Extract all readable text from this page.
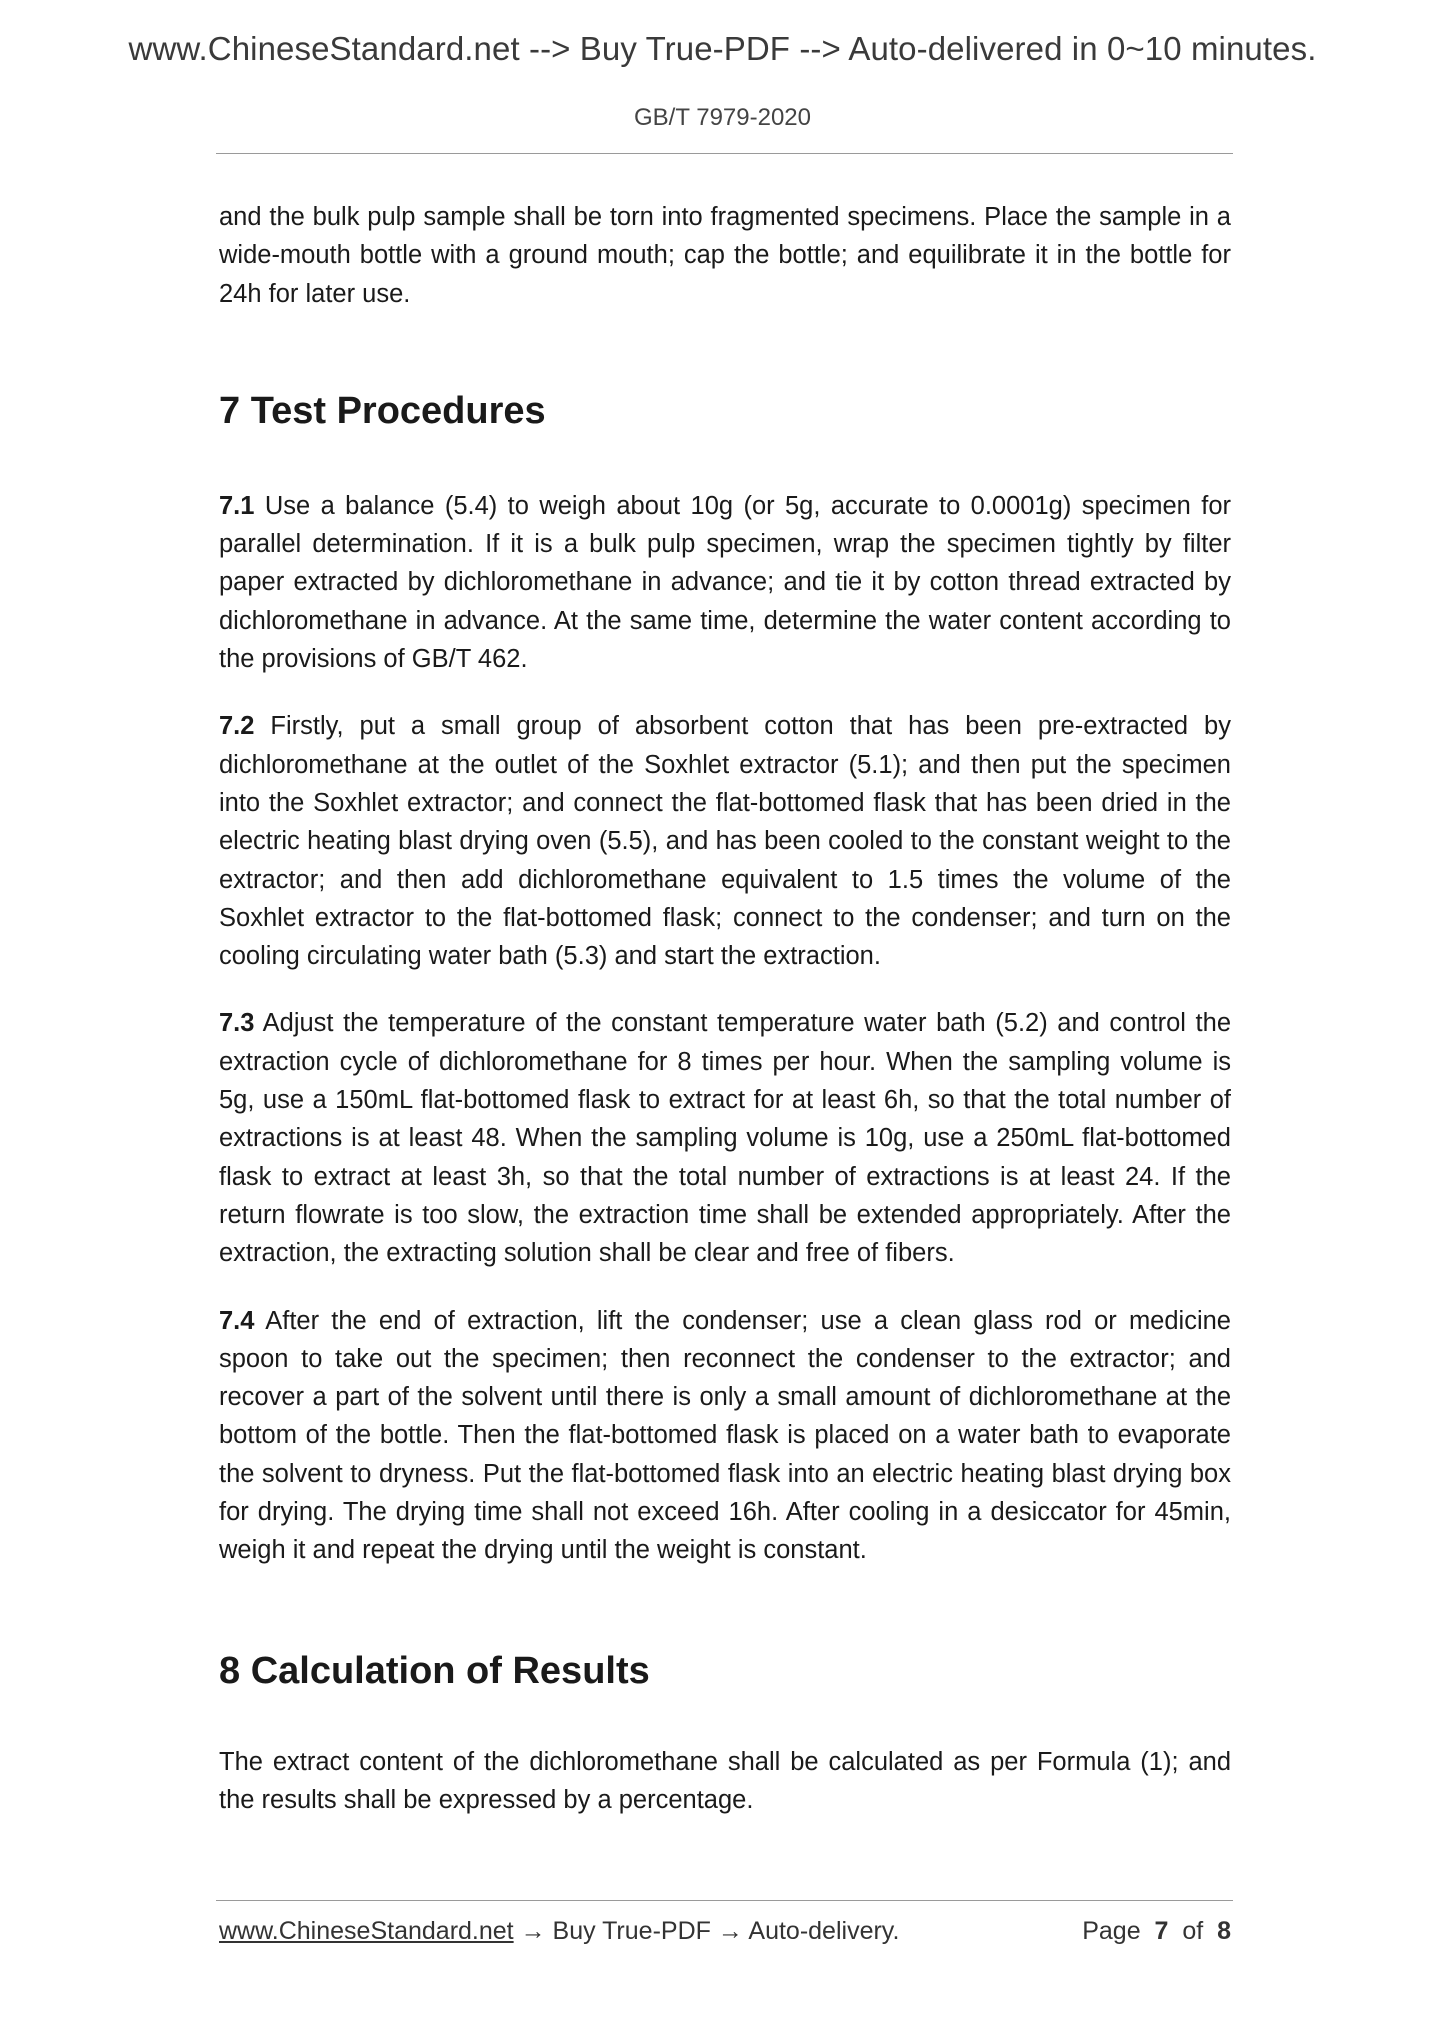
www.ChineseStandard.net --> Buy True-PDF --> Auto-delivered in 0~10 minutes.
GB/T 7979-2020

and the bulk pulp sample shall be torn into fragmented specimens. Place the sample in a wide-mouth bottle with a ground mouth; cap the bottle; and equilibrate it in the bottle for 24h for later use.

7 Test Procedures

7.1 Use a balance (5.4) to weigh about 10g (or 5g, accurate to 0.0001g) specimen for parallel determination. If it is a bulk pulp specimen, wrap the specimen tightly by filter paper extracted by dichloromethane in advance; and tie it by cotton thread extracted by dichloromethane in advance. At the same time, determine the water content according to the provisions of GB/T 462.

7.2 Firstly, put a small group of absorbent cotton that has been pre-extracted by dichloromethane at the outlet of the Soxhlet extractor (5.1); and then put the specimen into the Soxhlet extractor; and connect the flat-bottomed flask that has been dried in the electric heating blast drying oven (5.5), and has been cooled to the constant weight to the extractor; and then add dichloromethane equivalent to 1.5 times the volume of the Soxhlet extractor to the flat-bottomed flask; connect to the condenser; and turn on the cooling circulating water bath (5.3) and start the extraction.

7.3 Adjust the temperature of the constant temperature water bath (5.2) and control the extraction cycle of dichloromethane for 8 times per hour. When the sampling volume is 5g, use a 150mL flat-bottomed flask to extract for at least 6h, so that the total number of extractions is at least 48. When the sampling volume is 10g, use a 250mL flat-bottomed flask to extract at least 3h, so that the total number of extractions is at least 24. If the return flowrate is too slow, the extraction time shall be extended appropriately. After the extraction, the extracting solution shall be clear and free of fibers.

7.4 After the end of extraction, lift the condenser; use a clean glass rod or medicine spoon to take out the specimen; then reconnect the condenser to the extractor; and recover a part of the solvent until there is only a small amount of dichloromethane at the bottom of the bottle. Then the flat-bottomed flask is placed on a water bath to evaporate the solvent to dryness. Put the flat-bottomed flask into an electric heating blast drying box for drying. The drying time shall not exceed 16h. After cooling in a desiccator for 45min, weigh it and repeat the drying until the weight is constant.

8 Calculation of Results

The extract content of the dichloromethane shall be calculated as per Formula (1); and the results shall be expressed by a percentage.

www.ChineseStandard.net → Buy True-PDF → Auto-delivery.	Page 7 of 8
